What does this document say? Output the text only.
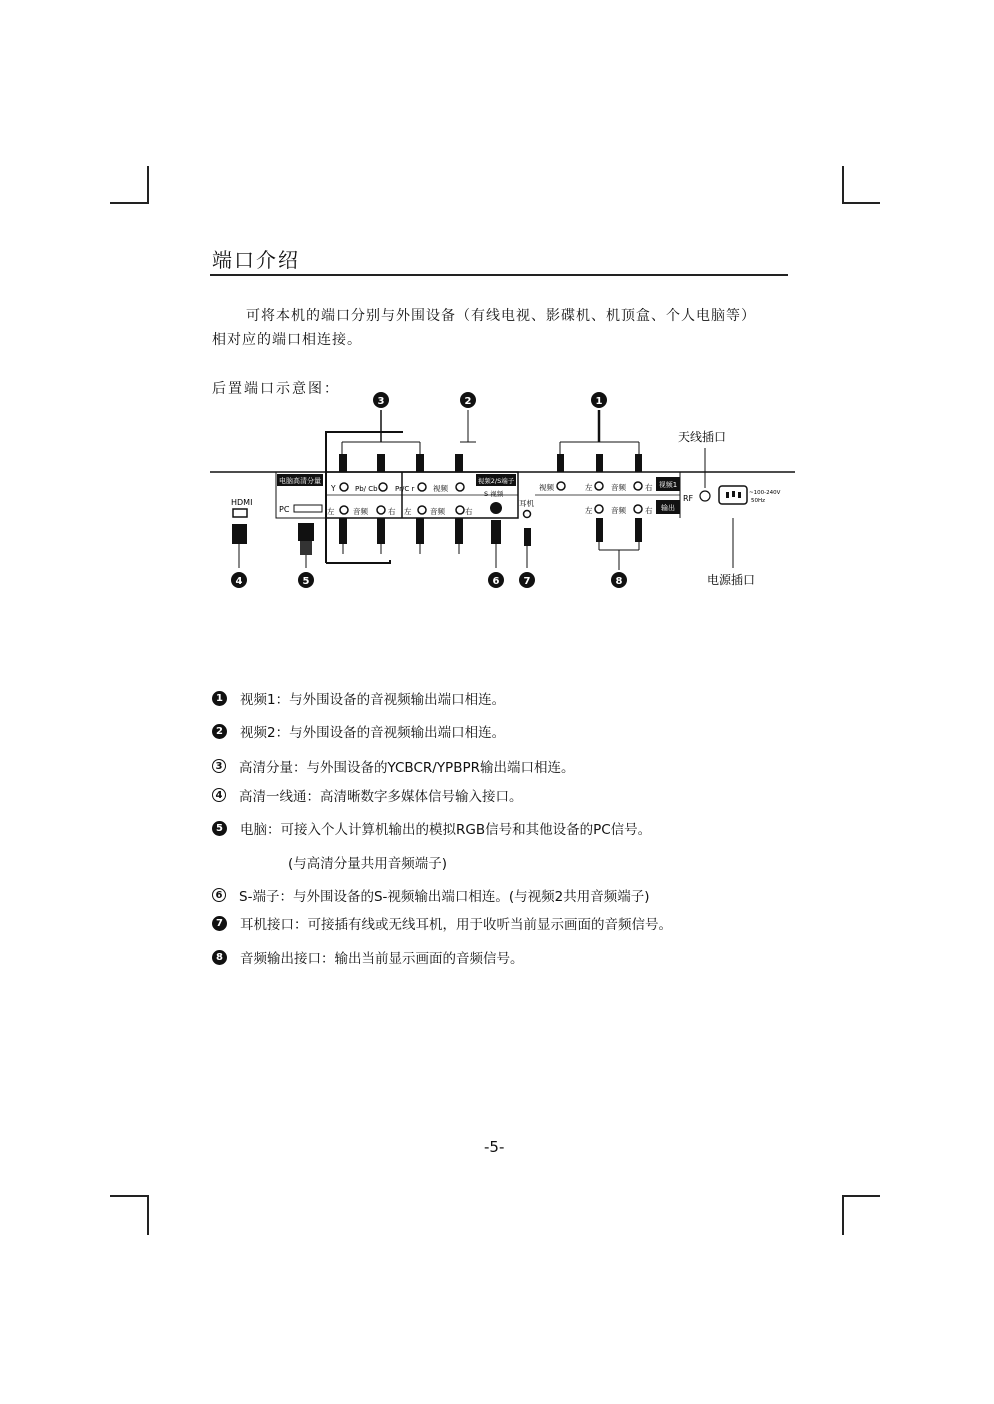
端口介绍
可将本机的端口分别与外围设备（有线电视、影碟机、机顶盒、个人电脑等）
相对应的端口相连接。
后置端口示意图：
3	2	1
天线插口
电脑高清分量	视频2/S端子
HDMI
PC
Y	Pb/ Cb Pr/C r 视频
左 音频	右 左 音频	右
S 视频
耳机
视频	左 音频	右 视频1
左 音频	右 输出
RF
~100-240V
50Hz
4	5	6 7	8	电源插口
1 视频1：与外围设备的音视频输出端口相连。
2 视频2：与外围设备的音视频输出端口相连。
3 高清分量：与外围设备的YCBCR/YPBPR输出端口相连。
4 高清一线通：高清晰数字多媒体信号输入接口。
5 电脑：可接入个人计算机输出的模拟RGB信号和其他设备的PC信号。
(与高清分量共用音频端子)
6 S-端子：与外围设备的S-视频输出端口相连。(与视频2共用音频端子)
7 耳机接口：可接插有线或无线耳机，用于收听当前显示画面的音频信号。
8 音频输出接口：输出当前显示画面的音频信号。
-5-
